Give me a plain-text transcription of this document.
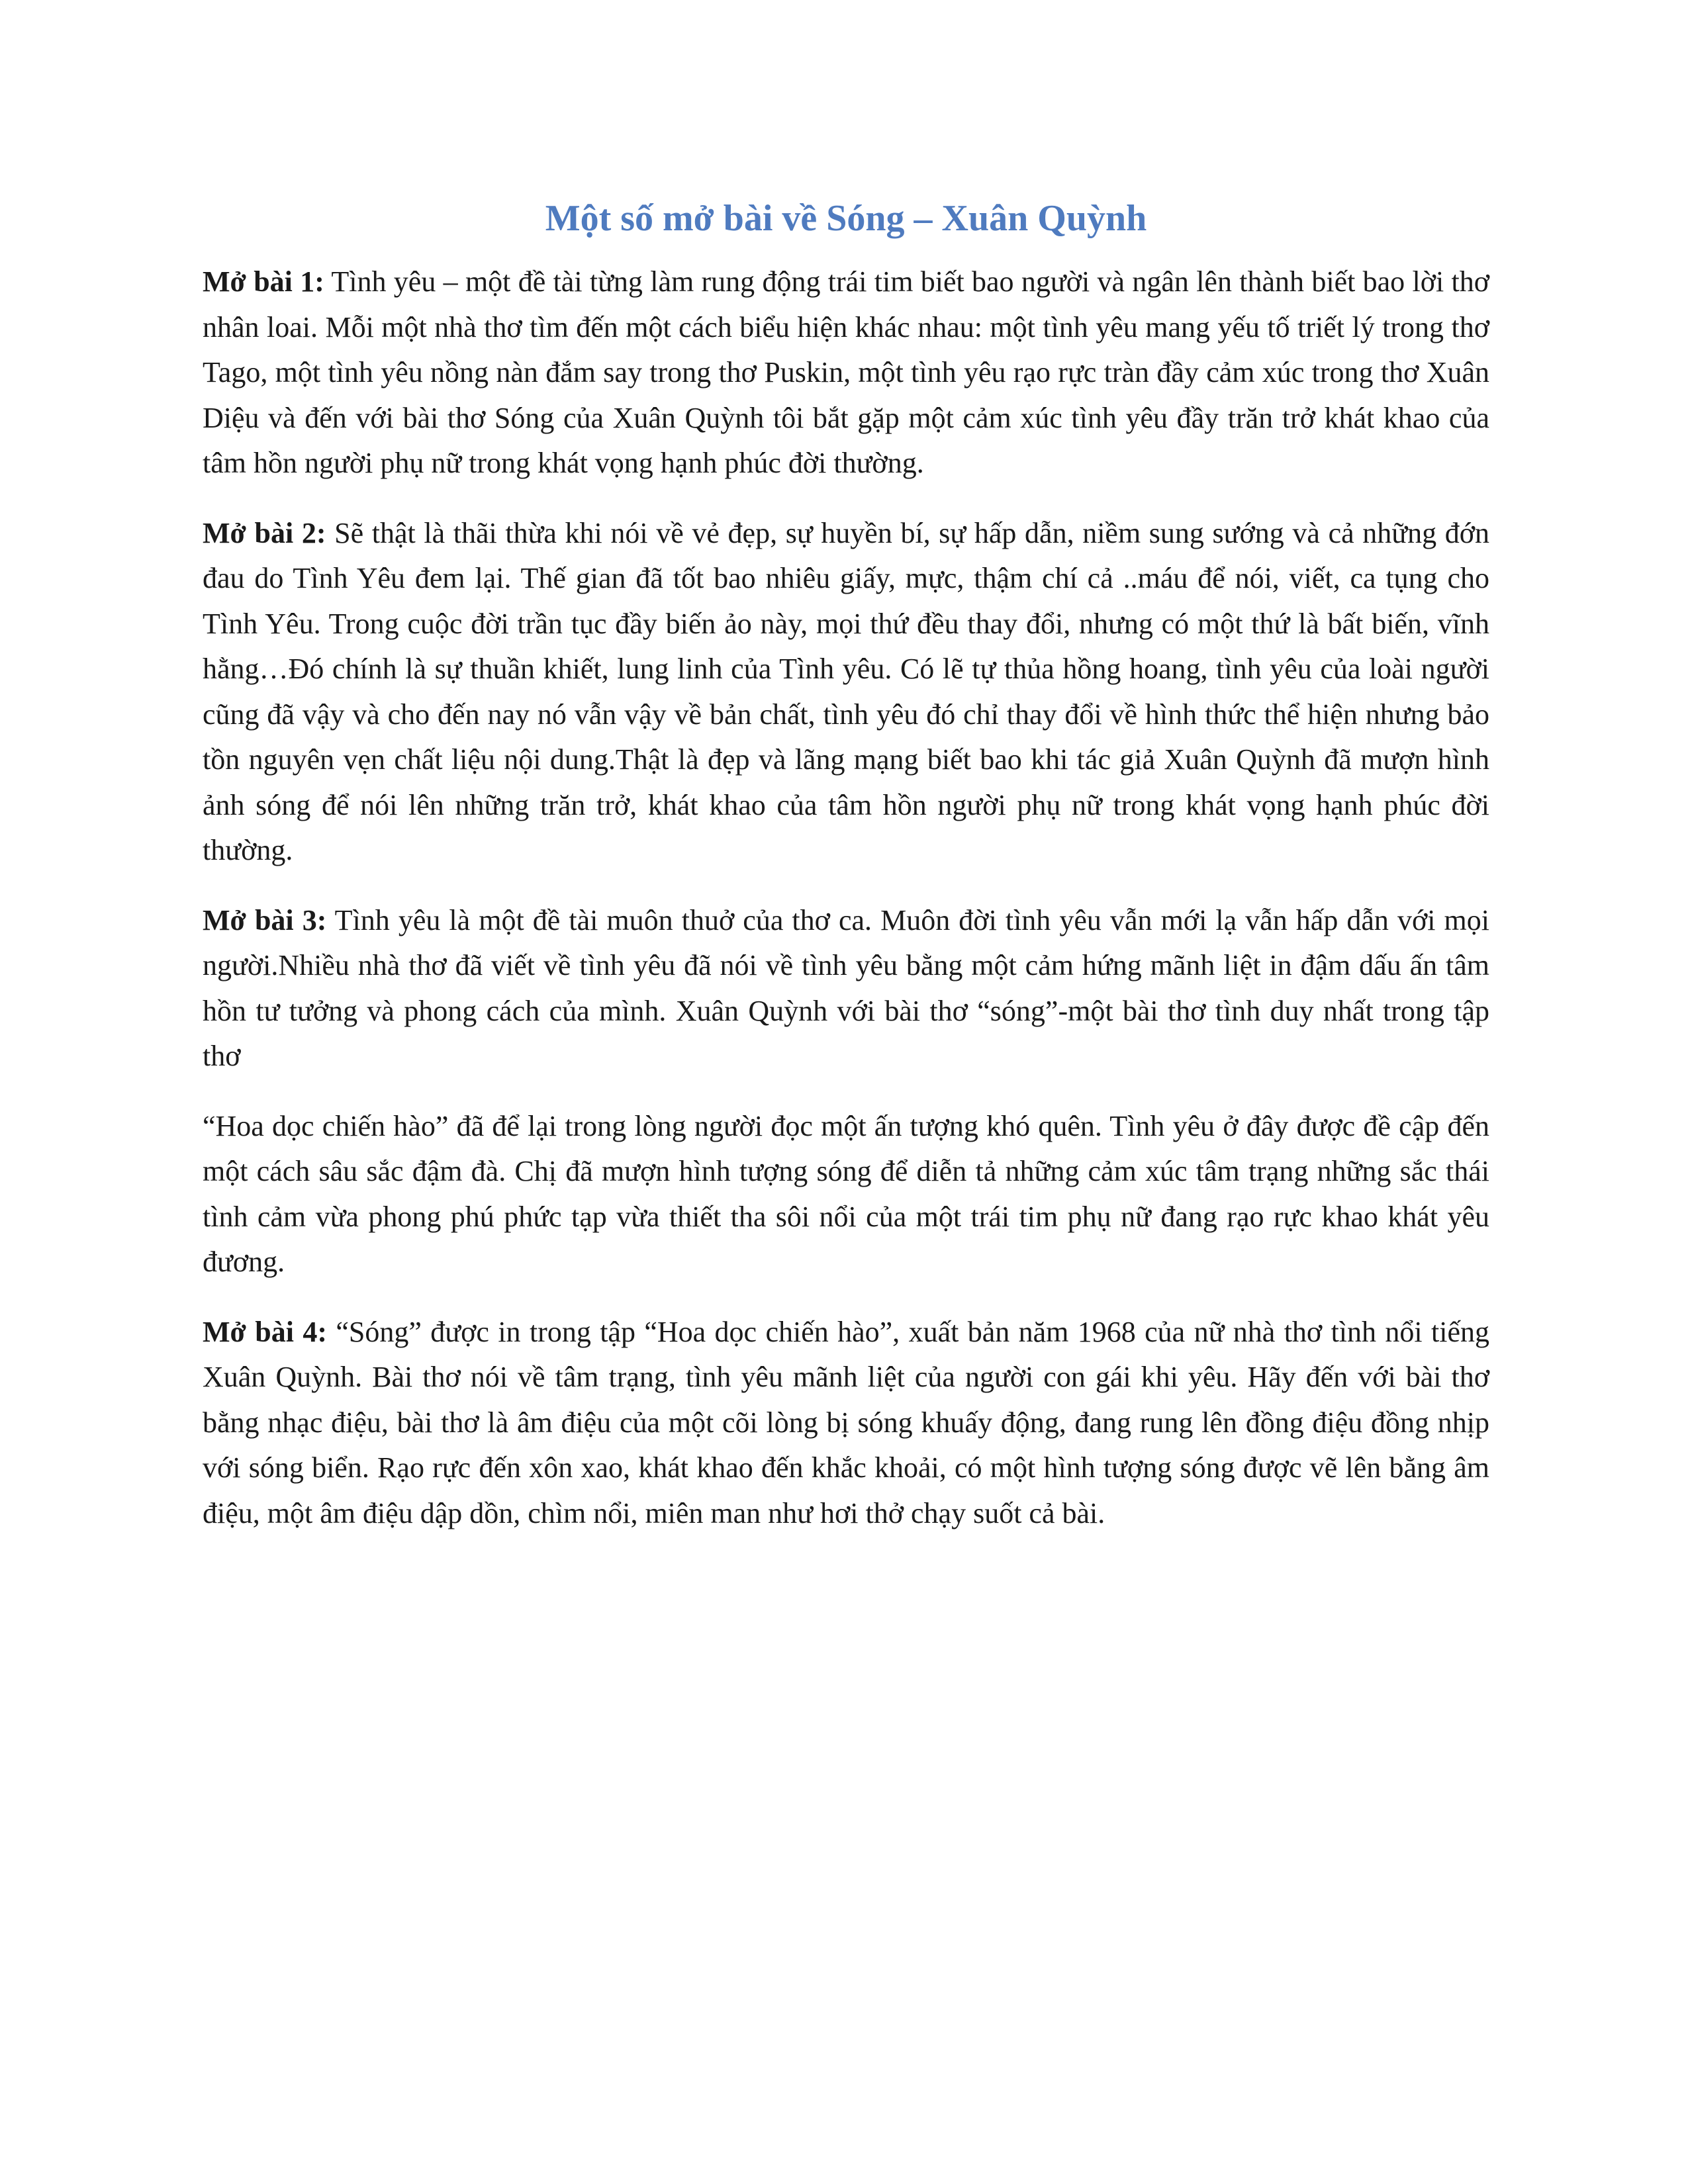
Một số mở bài về Sóng – Xuân Quỳnh

Mở bài 1: Tình yêu – một đề tài từng làm rung động trái tim biết bao người và ngân lên thành biết bao lời thơ nhân loai. Mỗi một nhà thơ tìm đến một cách biểu hiện khác nhau: một tình yêu mang yếu tố triết lý trong thơ Tago, một tình yêu nồng nàn đắm say trong thơ Puskin, một tình yêu rạo rực tràn đầy cảm xúc trong thơ Xuân Diệu và đến với bài thơ Sóng của Xuân Quỳnh tôi bắt gặp một cảm xúc tình yêu đầy trăn trở khát khao của tâm hồn người phụ nữ trong khát vọng hạnh phúc đời thường.

Mở bài 2: Sẽ thật là thãi thừa khi nói về vẻ đẹp, sự huyền bí, sự hấp dẫn, niềm sung sướng và cả những đớn đau do Tình Yêu đem lại. Thế gian đã tốt bao nhiêu giấy, mực, thậm chí cả ..máu để nói, viết, ca tụng cho Tình Yêu. Trong cuộc đời trần tục đầy biến ảo này, mọi thứ đều thay đổi, nhưng có một thứ là bất biến, vĩnh hằng…Đó chính là sự thuần khiết, lung linh của Tình yêu. Có lẽ tự thủa hồng hoang, tình yêu của loài người cũng đã vậy và cho đến nay nó vẫn vậy về bản chất, tình yêu đó chỉ thay đổi về hình thức thể hiện nhưng bảo tồn nguyên vẹn chất liệu nội dung.Thật là đẹp và lãng mạng biết bao khi tác giả Xuân Quỳnh đã mượn hình ảnh sóng để nói lên những trăn trở, khát khao của tâm hồn người phụ nữ trong khát vọng hạnh phúc đời thường.

Mở bài 3: Tình yêu là một đề tài muôn thuở của thơ ca. Muôn đời tình yêu vẫn mới lạ vẫn hấp dẫn với mọi người.Nhiều nhà thơ đã viết về tình yêu đã nói về tình yêu bằng một cảm hứng mãnh liệt in đậm dấu ấn tâm hồn tư tưởng và phong cách của mình. Xuân Quỳnh với bài thơ “sóng”-một bài thơ tình duy nhất trong tập thơ

“Hoa dọc chiến hào” đã để lại trong lòng người đọc một ấn tượng khó quên. Tình yêu ở đây được đề cập đến một cách sâu sắc đậm đà. Chị đã mượn hình tượng sóng để diễn tả những cảm xúc tâm trạng những sắc thái tình cảm vừa phong phú phức tạp vừa thiết tha sôi nổi của một trái tim phụ nữ đang rạo rực khao khát yêu đương.

Mở bài 4: “Sóng” được in trong tập “Hoa dọc chiến hào”, xuất bản năm 1968 của nữ nhà thơ tình nổi tiếng Xuân Quỳnh. Bài thơ nói về tâm trạng, tình yêu mãnh liệt của người con gái khi yêu. Hãy đến với bài thơ bằng nhạc điệu, bài thơ là âm điệu của một cõi lòng bị sóng khuấy động, đang rung lên đồng điệu đồng nhịp với sóng biển. Rạo rực đến xôn xao, khát khao đến khắc khoải, có một hình tượng sóng được vẽ lên bằng âm điệu, một âm điệu dập dồn, chìm nổi, miên man như hơi thở chạy suốt cả bài.
